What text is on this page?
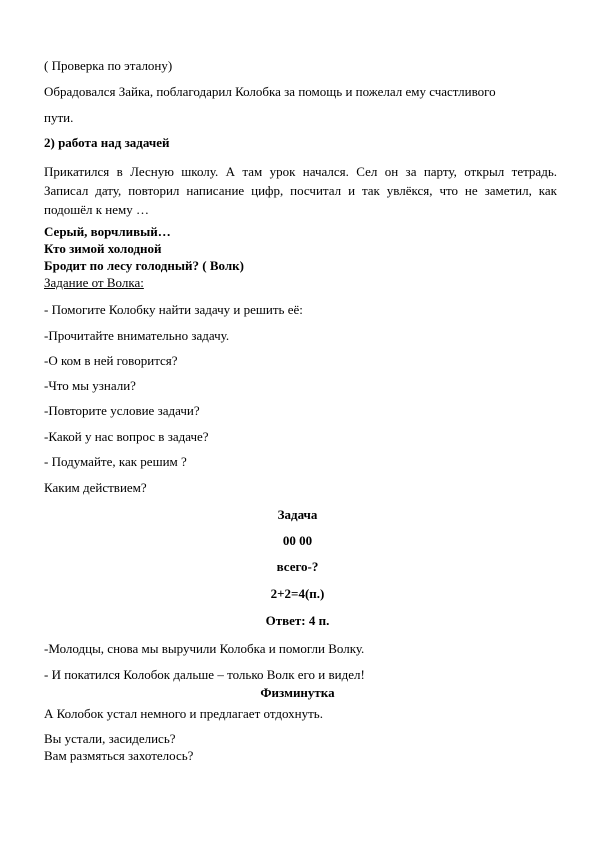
( Проверка по эталону)
Обрадовался Зайка, поблагодарил Колобка за помощь и пожелал ему счастливого
пути.
2) работа над задачей
Прикатился в Лесную школу. А там урок начался. Сел он за парту, открыл тетрадь.
Записал дату, повторил написание цифр, посчитал и так увлёкся, что не заметил, как
подошёл к нему …
Серый, ворчливый…
Кто зимой холодной
Бродит по лесу голодный? ( Волк)
Задание от Волка:
- Помогите Колобку найти задачу и решить её:
-Прочитайте внимательно задачу.
-О ком в ней говорится?
-Что мы узнали?
-Повторите условие задачи?
-Какой у нас вопрос в задаче?
- Подумайте, как решим ?
Каким действием?
Задача
00 00
всего-?
2+2=4(п.)
Ответ: 4 п.
-Молодцы, снова мы выручили Колобка и помогли Волку.
- И покатился Колобок дальше – только Волк его и видел!
Физминутка
А Колобок устал немного и предлагает отдохнуть.
Вы устали, засиделись?
Вам размяться захотелось?
